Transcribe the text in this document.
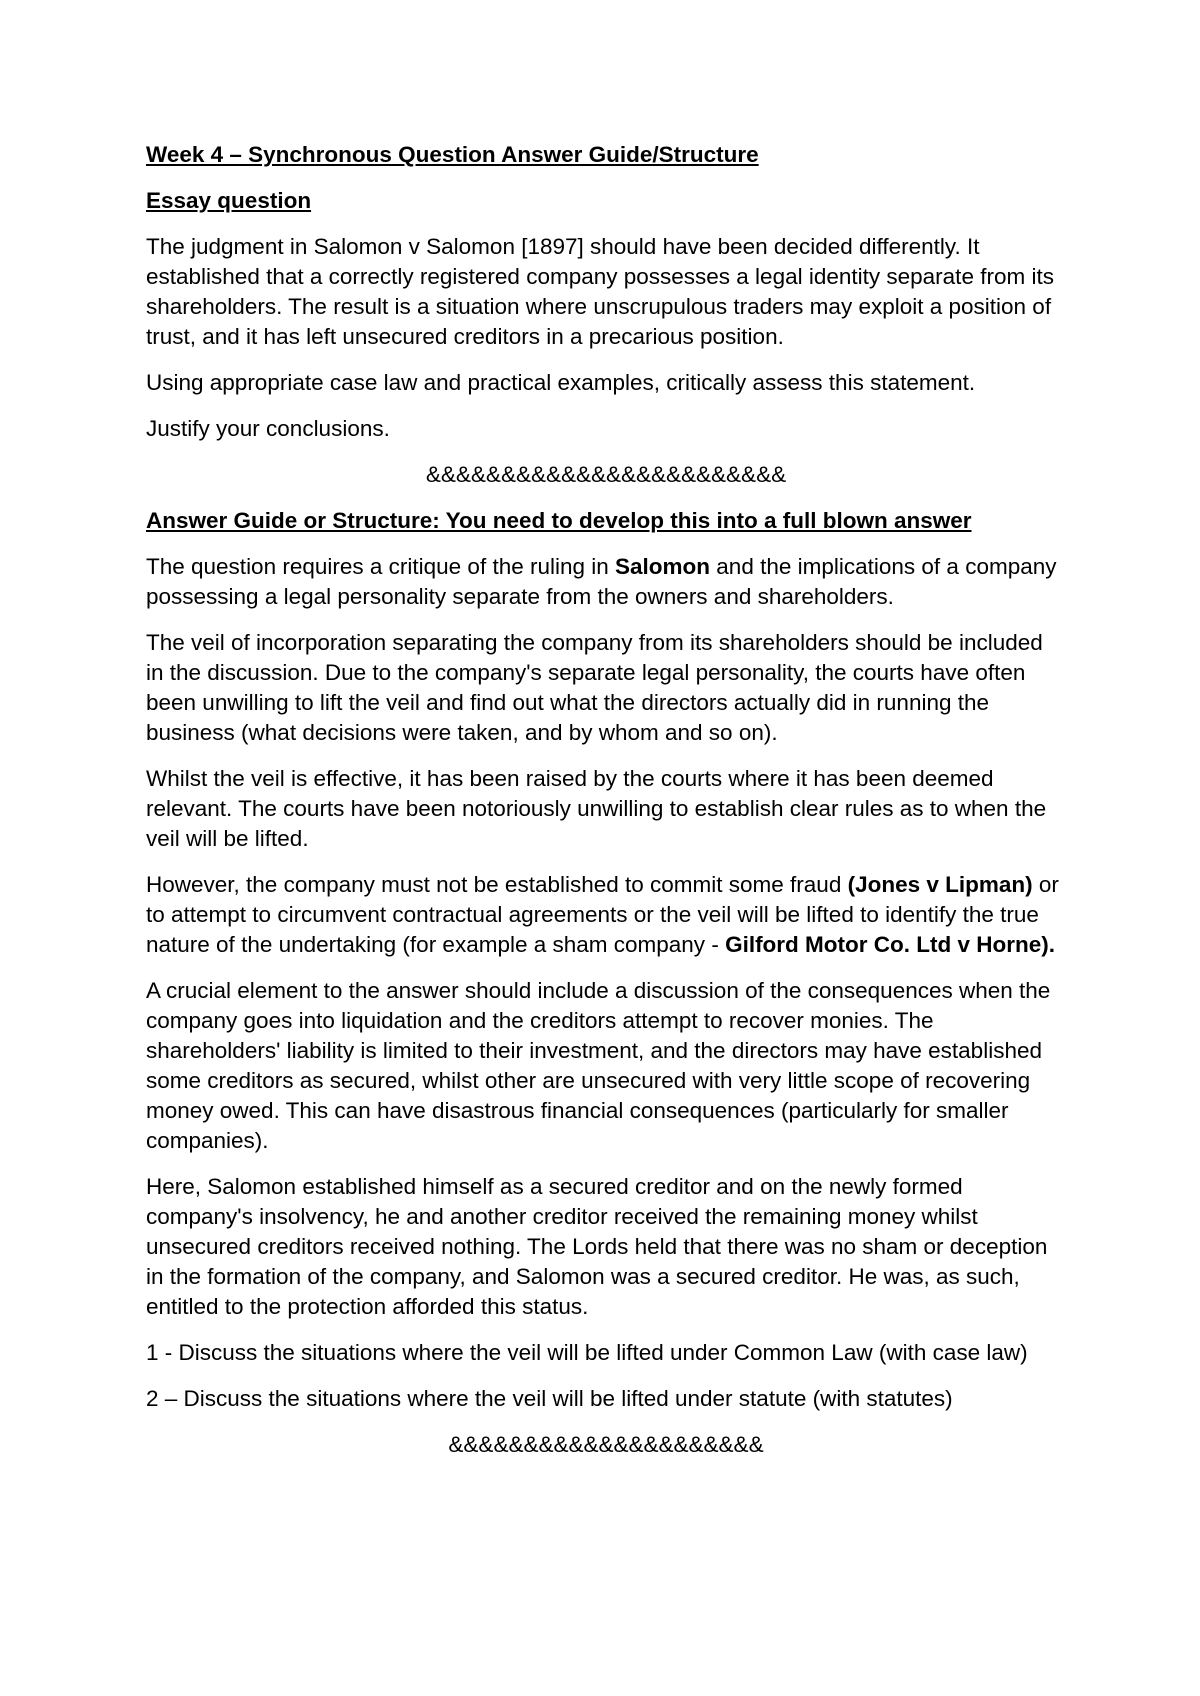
Week 4 – Synchronous Question Answer Guide/Structure

Essay question

The judgment in Salomon v Salomon [1897] should have been decided differently. It established that a correctly registered company possesses a legal identity separate from its shareholders. The result is a situation where unscrupulous traders may exploit a position of trust, and it has left unsecured creditors in a precarious position.

Using appropriate case law and practical examples, critically assess this statement.

Justify your conclusions.

&&&&&&&&&&&&&&&&&&&&&&&&

Answer Guide or Structure: You need to develop this into a full blown answer

The question requires a critique of the ruling in Salomon and the implications of a company possessing a legal personality separate from the owners and shareholders.

The veil of incorporation separating the company from its shareholders should be included in the discussion. Due to the company's separate legal personality, the courts have often been unwilling to lift the veil and find out what the directors actually did in running the business (what decisions were taken, and by whom and so on).

Whilst the veil is effective, it has been raised by the courts where it has been deemed relevant. The courts have been notoriously unwilling to establish clear rules as to when the veil will be lifted.

However, the company must not be established to commit some fraud (Jones v Lipman) or to attempt to circumvent contractual agreements or the veil will be lifted to identify the true nature of the undertaking (for example a sham company - Gilford Motor Co. Ltd v Horne).

A crucial element to the answer should include a discussion of the consequences when the company goes into liquidation and the creditors attempt to recover monies. The shareholders' liability is limited to their investment, and the directors may have established some creditors as secured, whilst other are unsecured with very little scope of recovering money owed. This can have disastrous financial consequences (particularly for smaller companies).

Here, Salomon established himself as a secured creditor and on the newly formed company's insolvency, he and another creditor received the remaining money whilst unsecured creditors received nothing. The Lords held that there was no sham or deception in the formation of the company, and Salomon was a secured creditor. He was, as such, entitled to the protection afforded this status.

1 - Discuss the situations where the veil will be lifted under Common Law (with case law)

2 – Discuss the situations where the veil will be lifted under statute (with statutes)

&&&&&&&&&&&&&&&&&&&&&
